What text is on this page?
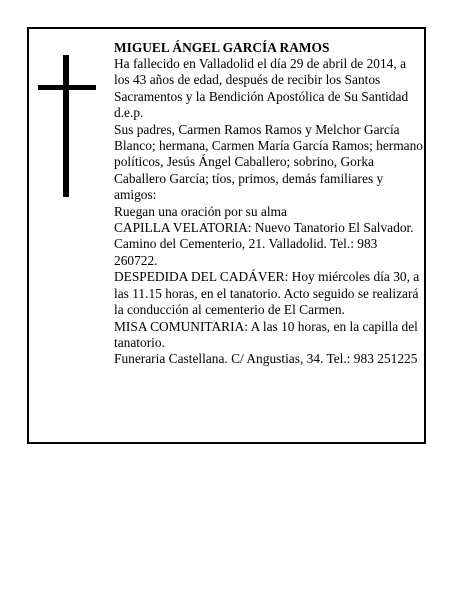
MIGUEL ÁNGEL GARCÍA RAMOS

Ha fallecido en Valladolid el día 29 de abril de 2014, a los 43 años de edad, después de recibir los Santos Sacramentos y la Bendición Apostólica de Su Santidad

d.e.p.

Sus padres, Carmen Ramos Ramos y Melchor García Blanco; hermana, Carmen María García Ramos; hermano políticos, Jesús Ángel Caballero; sobrino, Gorka Caballero García; tíos, primos, demás familiares y amigos:

Ruegan una oración por su alma

CAPILLA VELATORIA: Nuevo Tanatorio El Salvador. Camino del Cementerio, 21. Valladolid. Tel.: 983 260722.

DESPEDIDA DEL CADÁVER: Hoy miércoles día 30, a las 11.15 horas, en el tanatorio. Acto seguido se realizará la conducción al cementerio de El Carmen.

MISA COMUNITARIA: A las 10 horas, en la capilla del tanatorio.

Funeraria Castellana. C/ Angustias, 34. Tel.: 983 251225
